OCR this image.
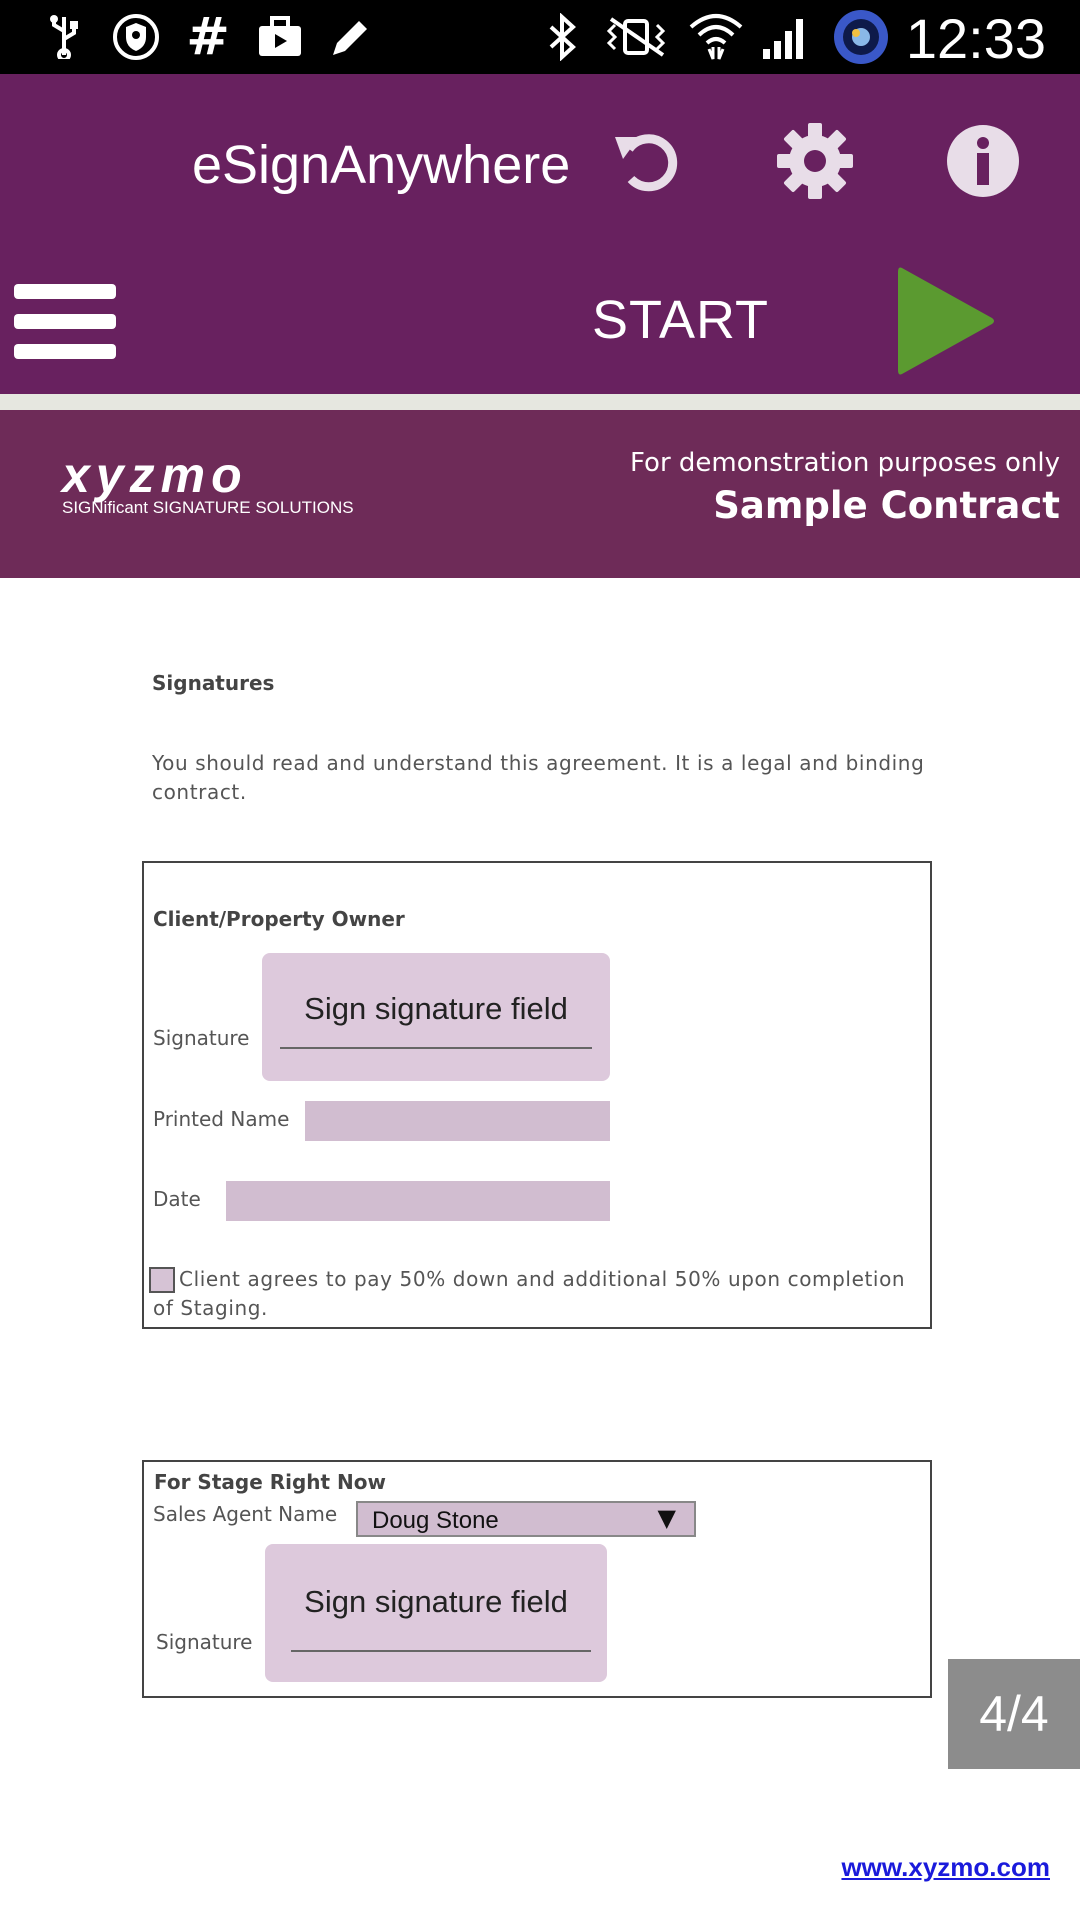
#	12:33
eSignAnywhere
START
xyzmo
SIGNificant SIGNATURE SOLUTIONS
For demonstration purposes only
Sample Contract
Signatures
You should read and understand this agreement. It is a legal and binding contract.
Client/Property Owner
Signature
Sign signature field
Printed Name
Date
Client agrees to pay 50% down and additional 50% upon completion of Staging.
For Stage Right Now
Sales Agent Name Doug Stone	▼
Signature
Sign signature field
4/4
www.xyzmo.com
